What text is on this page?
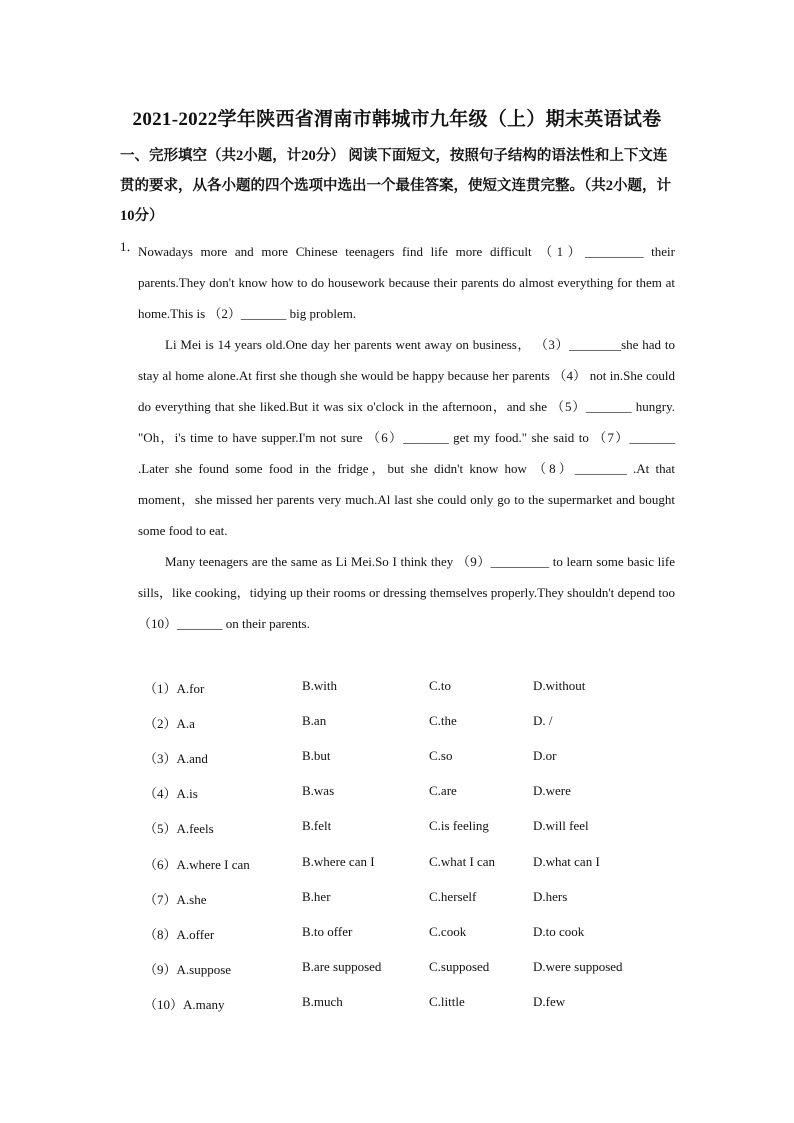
2021-2022学年陕西省渭南市韩城市九年级（上）期末英语试卷
一、完形填空（共2小题，计20分） 阅读下面短文，按照句子结构的语法性和上下文连贯的要求，从各小题的四个选项中选出一个最佳答案，使短文连贯完整。（共2小题，计10分）
1．

Nowadays more and more Chinese teenagers find life more difficult （1）_________ their parents.They don't know how to do housework because their parents do almost everything for them at home.This is （2）_______ big problem.

Li Mei is 14 years old.One day her parents went away on business， （3）________she had to stay al home alone.At first she though she would be happy because her parents （4） not in.She could do everything that she liked.But it was six o'clock in the afternoon，and she （5）_______ hungry. "Oh，i's time to have supper.I'm not sure （6）_______ get my food." she said to （7）_______ .Later she found some food in the fridge，but she didn't know how （8）________ .At that moment，she missed her parents very much.Al last she could only go to the supermarket and bought some food to eat.

Many teenagers are the same as Li Mei.So I think they （9）_________ to learn some basic life sills，like cooking，tidying up their rooms or dressing themselves properly.They shouldn't depend too （10）_______ on their parents.

（1）A.for	B.with	C.to	D.without
（2）A.a	B.an	C.the	D. /
（3）A.and	B.but	C.so	D.or
（4）A.is	B.was	C.are	D.were
（5）A.feels	B.felt	C.is feeling	D.will feel
（6）A.where I can	B.where can I	C.what I can	D.what can I
（7）A.she	B.her	C.herself	D.hers
（8）A.offer	B.to offer	C.cook	D.to cook
（9）A.suppose	B.are supposed	C.supposed	D.were supposed
（10）A.many	B.much	C.little	D.few
